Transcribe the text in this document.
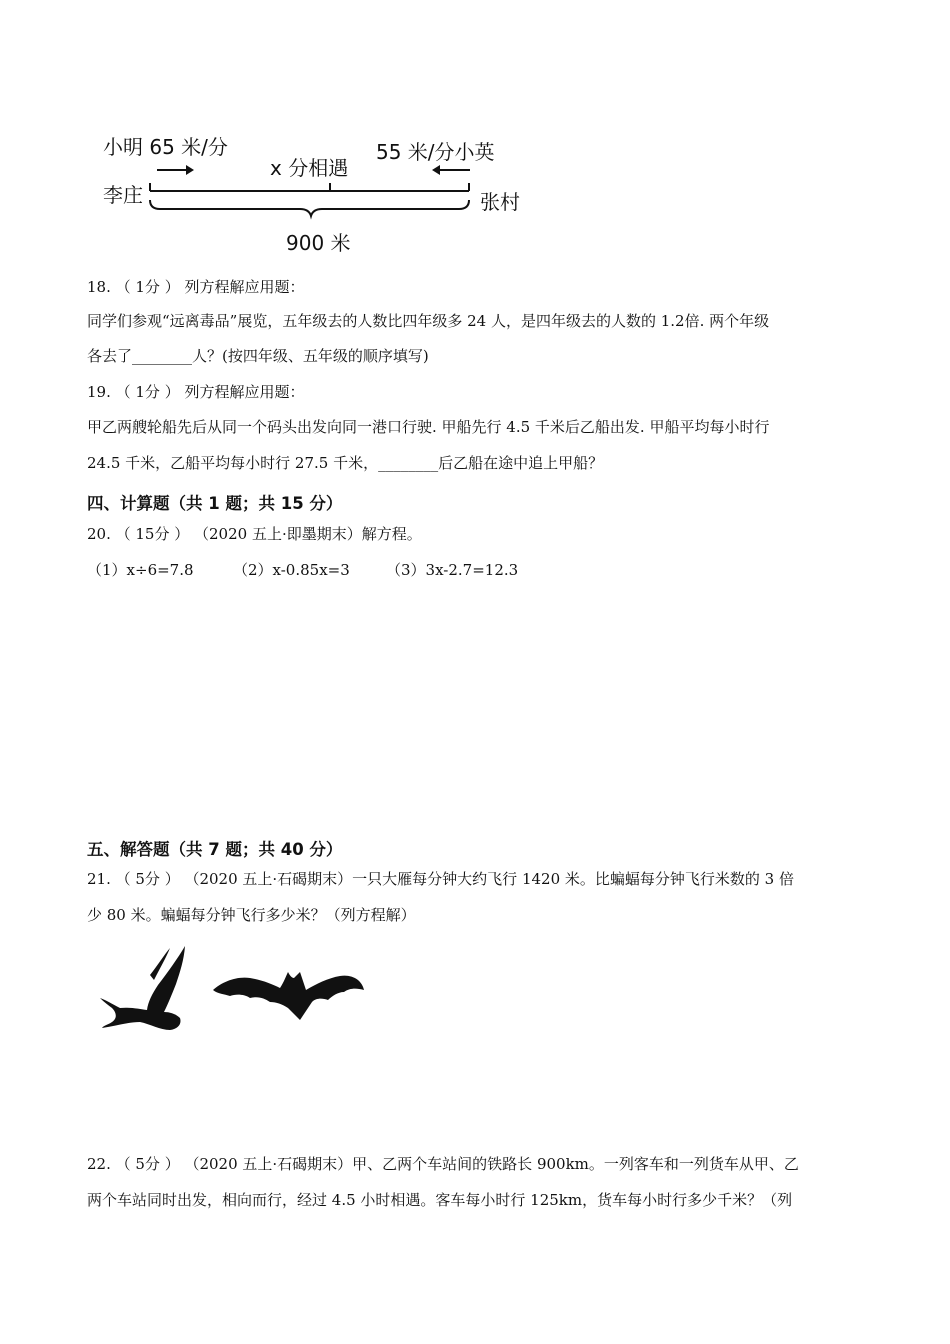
小明 65 米/分
x 分相遇
55 米/分小英
李庄	张村
900 米
18. （ 1分 ） 列方程解应用题：
同学们参观“远离毒品”展览，五年级去的人数比四年级多 24 人，是四年级去的人数的 1.2倍. 两个年级
各去了________人？(按四年级、五年级的顺序填写)
19. （ 1分 ） 列方程解应用题：
甲乙两艘轮船先后从同一个码头出发向同一港口行驶. 甲船先行 4.5 千米后乙船出发. 甲船平均每小时行
24.5 千米，乙船平均每小时行 27.5 千米，________后乙船在途中追上甲船？
四、计算题（共 1 题；共 15 分）
20. （ 15分 ） （2020 五上·即墨期末）解方程。
（1）x÷6=7.8	（2）x-0.85x=3 （3）3x-2.7=12.3
五、解答题（共 7 题；共 40 分）
21. （ 5分 ） （2020 五上·石碣期末）一只大雁每分钟大约飞行 1420 米。比蝙蝠每分钟飞行米数的 3 倍
少 80 米。蝙蝠每分钟飞行多少米？（列方程解）
22. （ 5分 ） （2020 五上·石碣期末）甲、乙两个车站间的铁路长 900km。一列客车和一列货车从甲、乙
两个车站同时出发，相向而行，经过 4.5 小时相遇。客车每小时行 125km，货车每小时行多少千米？（列
